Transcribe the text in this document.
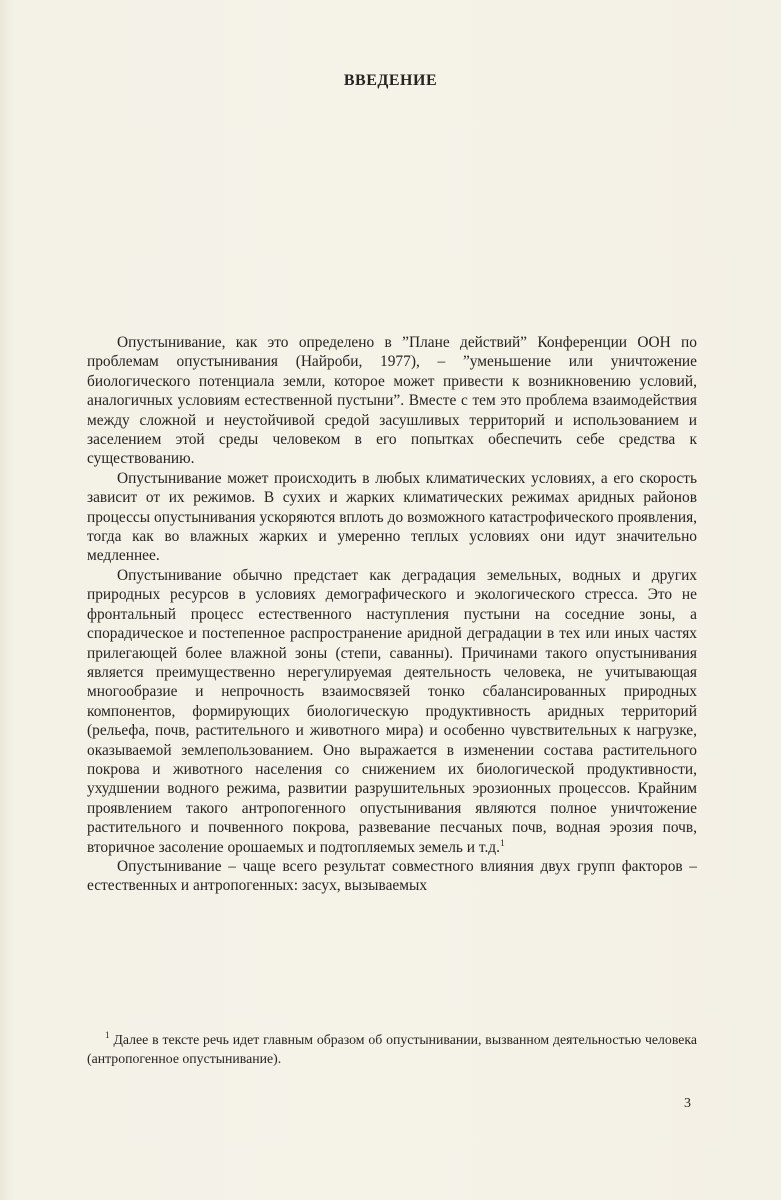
ВВЕДЕНИЕ

Опустынивание, как это определено в ”Плане действий” Конференции ООН по проблемам опустынивания (Найроби, 1977), – ”уменьшение или уничтожение биологического потенциала земли, которое может привести к возникновению условий, аналогичных условиям естественной пустыни”. Вместе с тем это проблема взаимодействия между сложной и неустойчивой средой засушливых территорий и использованием и заселением этой среды человеком в его попытках обеспечить себе средства к существованию.

Опустынивание может происходить в любых климатических условиях, а его скорость зависит от их режимов. В сухих и жарких климатических режимах аридных районов процессы опустынивания ускоряются вплоть до возможного катастрофического проявления, тогда как во влажных жарких и умеренно теплых условиях они идут значительно медленнее.

Опустынивание обычно предстает как деградация земельных, водных и других природных ресурсов в условиях демографического и экологического стресса. Это не фронтальный процесс естественного наступления пустыни на соседние зоны, а спорадическое и постепенное распространение аридной деградации в тех или иных частях прилегающей более влажной зоны (степи, саванны). Причинами такого опустынивания является преимущественно нерегулируемая деятельность человека, не учитывающая многообразие и непрочность взаимосвязей тонко сбалансированных природных компонентов, формирующих биологическую продуктивность аридных территорий (рельефа, почв, растительного и животного мира) и особенно чувствительных к нагрузке, оказываемой землепользованием. Оно выражается в изменении состава растительного покрова и животного населения со снижением их биологической продуктивности, ухудшении водного режима, развитии разрушительных эрозионных процессов. Крайним проявлением такого антропогенного опустынивания являются полное уничтожение растительного и почвенного покрова, развевание песчаных почв, водная эрозия почв, вторичное засоление орошаемых и подтопляемых земель и т.д.$^1$

Опустынивание – чаще всего результат совместного влияния двух групп факторов – естественных и антропогенных: засух, вызываемых

$^1$ Далее в тексте речь идет главным образом об опустынивании, вызванном деятельностью человека (антропогенное опустынивание).
3
